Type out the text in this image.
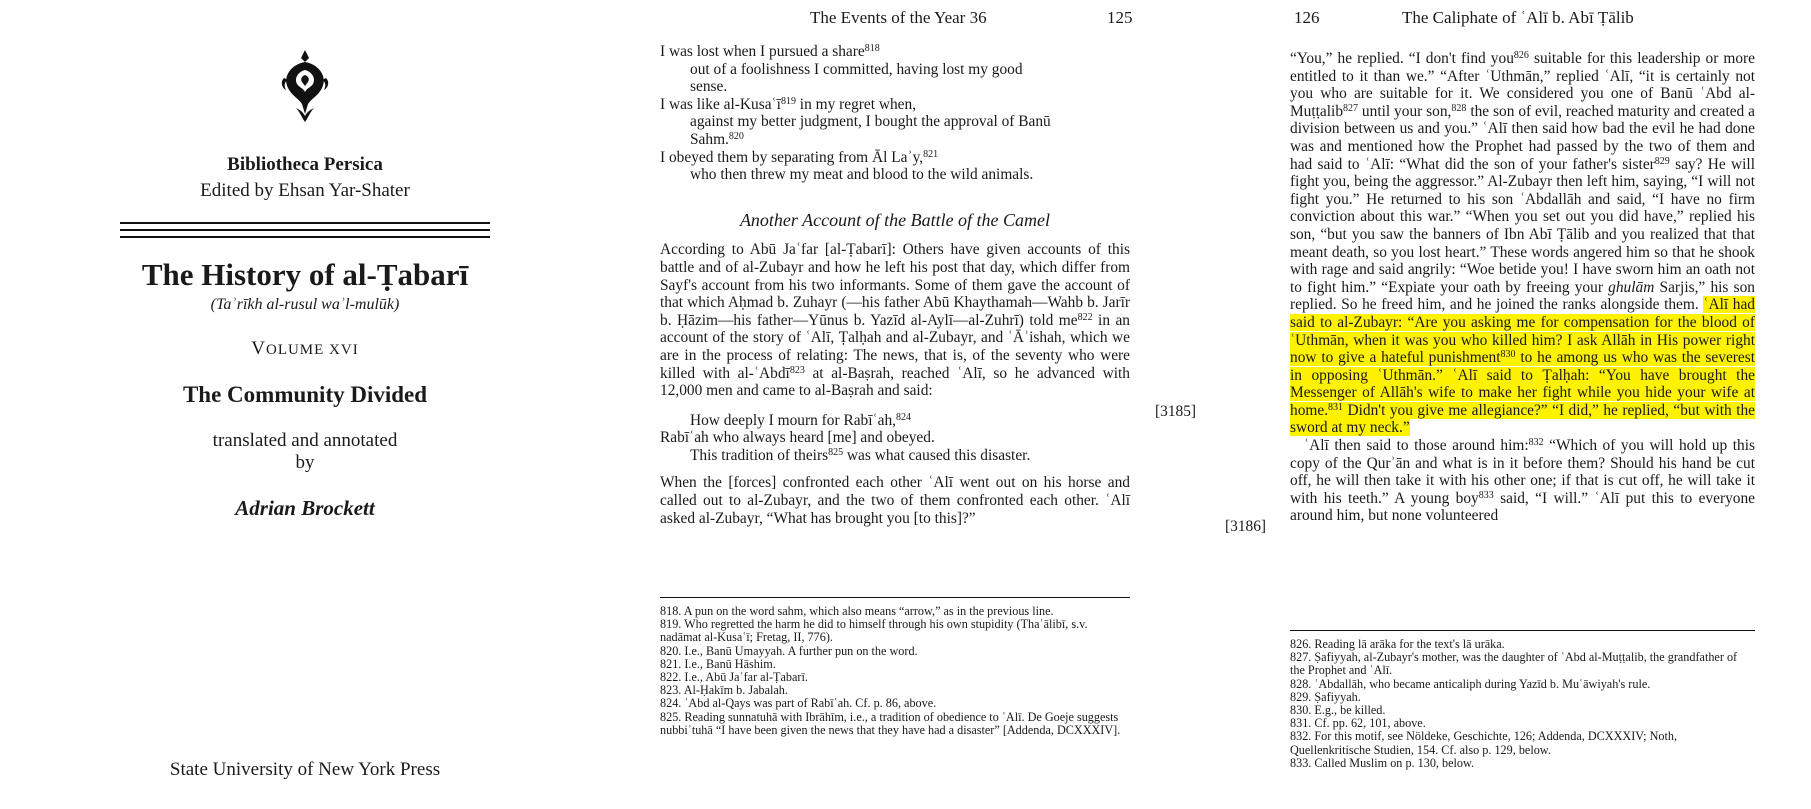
Bibliotheca Persica
Edited by Ehsan Yar-Shater
The History of al-Ṭabarī
(Taʾrīkh al-rusul waʾl-mulūk)
VOLUME XVI
The Community Divided
translated and annotated
by
Adrian Brockett
State University of New York Press
The Events of the Year 36	125

I was lost when I pursued a share$^{818}$

out of a foolishness I committed, having lost my good

sense.

I was like al-Kusaʿī$^{819}$ in my regret when,

against my better judgment, I bought the approval of Banū

Sahm.$^{820}$

I obeyed them by separating from Āl Laʾy,$^{821}$

who then threw my meat and blood to the wild animals.

Another Account of the Battle of the Camel

According to Abū Jaʿfar [al-Ṭabarī]: Others have given accounts of this battle and of al-Zubayr and how he left his post that day, which differ from Sayf's account from his two informants. Some of them gave the account of that which Aḥmad b. Zuhayr (—his father Abū Khaythamah—Wahb b. Jarīr b. Ḥāzim—his father—Yūnus b. Yazīd al-Aylī—al-Zuhrī) told $me^{822}$ in an account of the story of ʿAlī, Ṭalḥah and al-Zubayr, and ʿĀʾishah, which we are in the process of relating: The news, that is, of the seventy who were killed with al-ʿAbdī$^{823}$ at al-Baṣrah, reached ʿAlī, so he advanced with 12,000 men and came to al-Baṣrah and said:

How deeply I mourn for Rabīʿah,$^{824}$

Rabīʿah who always heard [me] and obeyed.

This tradition of theirs$^{825}$ was what caused this disaster.

When the [forces] confronted each other ʿAlī went out on his horse and called out to al-Zubayr, and the two of them confronted each other. ʿAlī asked al-Zubayr, “What has brought you [to this]?”

818. A pun on the word sahm, which also means “arrow,” as in the previous line.

819. Who regretted the harm he did to himself through his own stupidity (Thaʿālibī, s.v. nadāmat al-Kusaʿī; Fretag, II, 776).

820. I.e., Banū Umayyah. A further pun on the word.

821. I.e., Banū Hāshim.

822. I.e., Abū Jaʿfar al-Ṭabarī.

823. Al-Ḥakīm b. Jabalah.

824. ʿAbd al-Qays was part of Rabīʿah. Cf. p. 86, above.

825. Reading sunnatuhā with Ibrāhīm, i.e., a tradition of obedience to ʿAlī. De Goeje suggests nubbiʾtuhā “I have been given the news that they have had a disaster” [Addenda, DCXXXIV].

126	The Caliphate of ʿAlī b. Abī Ṭālib
[3185]
[3186]

“You,” he replied. “I don't find you$^{826}$ suitable for this leadership or more entitled to it than we.” “After ʿUthmān,” replied ʿAlī, “it is certainly not you who are suitable for it. We considered you one of Banū ʿAbd al-Muṭṭalib$^{827}$ until your son,$^{828}$ the son of evil, reached maturity and created a division between us and you.” ʿAlī then said how bad the evil he had done was and mentioned how the Prophet had passed by the two of them and had said to ʿAlī: “What did the son of your father's sister$^{829}$ say? He will fight you, being the aggressor.” Al-Zubayr then left him, saying, “I will not fight you.” He returned to his son ʿAbdallāh and said, “I have no firm conviction about this war.” “When you set out you did have,” replied his son, “but you saw the banners of Ibn Abī Ṭālib and you realized that that meant death, so you lost heart.” These words angered him so that he shook with rage and said angrily: “Woe betide you! I have sworn him an oath not to fight him.” “Expiate your oath by freeing your ghulām Sarjis,” his son replied. So he freed him, and he joined the ranks alongside them. ʿAlī had said to al-Zubayr: “Are you asking me for compensation for the blood of ʿUthmān, when it was you who killed him? I ask Allāh in His power right now to give a hateful punishment$^{830}$ to he among us who was the severest in opposing ʿUthmān.” ʿAlī said to Ṭalḥah: “You have brought the Messenger of Allāh's wife to make her fight while you hide your wife at home.$^{831}$ Didn't you give me allegiance?” “I did,” he replied, “but with the sword at my neck.”

ʿAlī then said to those around him:$^{832}$ “Which of you will hold up this copy of the Qurʾān and what is in it before them? Should his hand be cut off, he will then take it with his other one; if that is cut off, he will take it with his teeth.” A young boy$^{833}$ said, “I will.” ʿAlī put this to everyone around him, but none volunteered

826. Reading lā arāka for the text's lā urāka.

827. Ṣafiyyah, al-Zubayr's mother, was the daughter of ʿAbd al-Muṭṭalib, the grandfather of the Prophet and ʿAlī.

828. ʿAbdallāh, who became anticaliph during Yazīd b. Muʿāwiyah's rule.

829. Ṣafiyyah.

830. E.g., be killed.

831. Cf. pp. 62, 101, above.

832. For this motif, see Nöldeke, Geschichte, 126; Addenda, DCXXXIV; Noth, Quellenkritische Studien, 154. Cf. also p. 129, below.

833. Called Muslim on p. 130, below.
